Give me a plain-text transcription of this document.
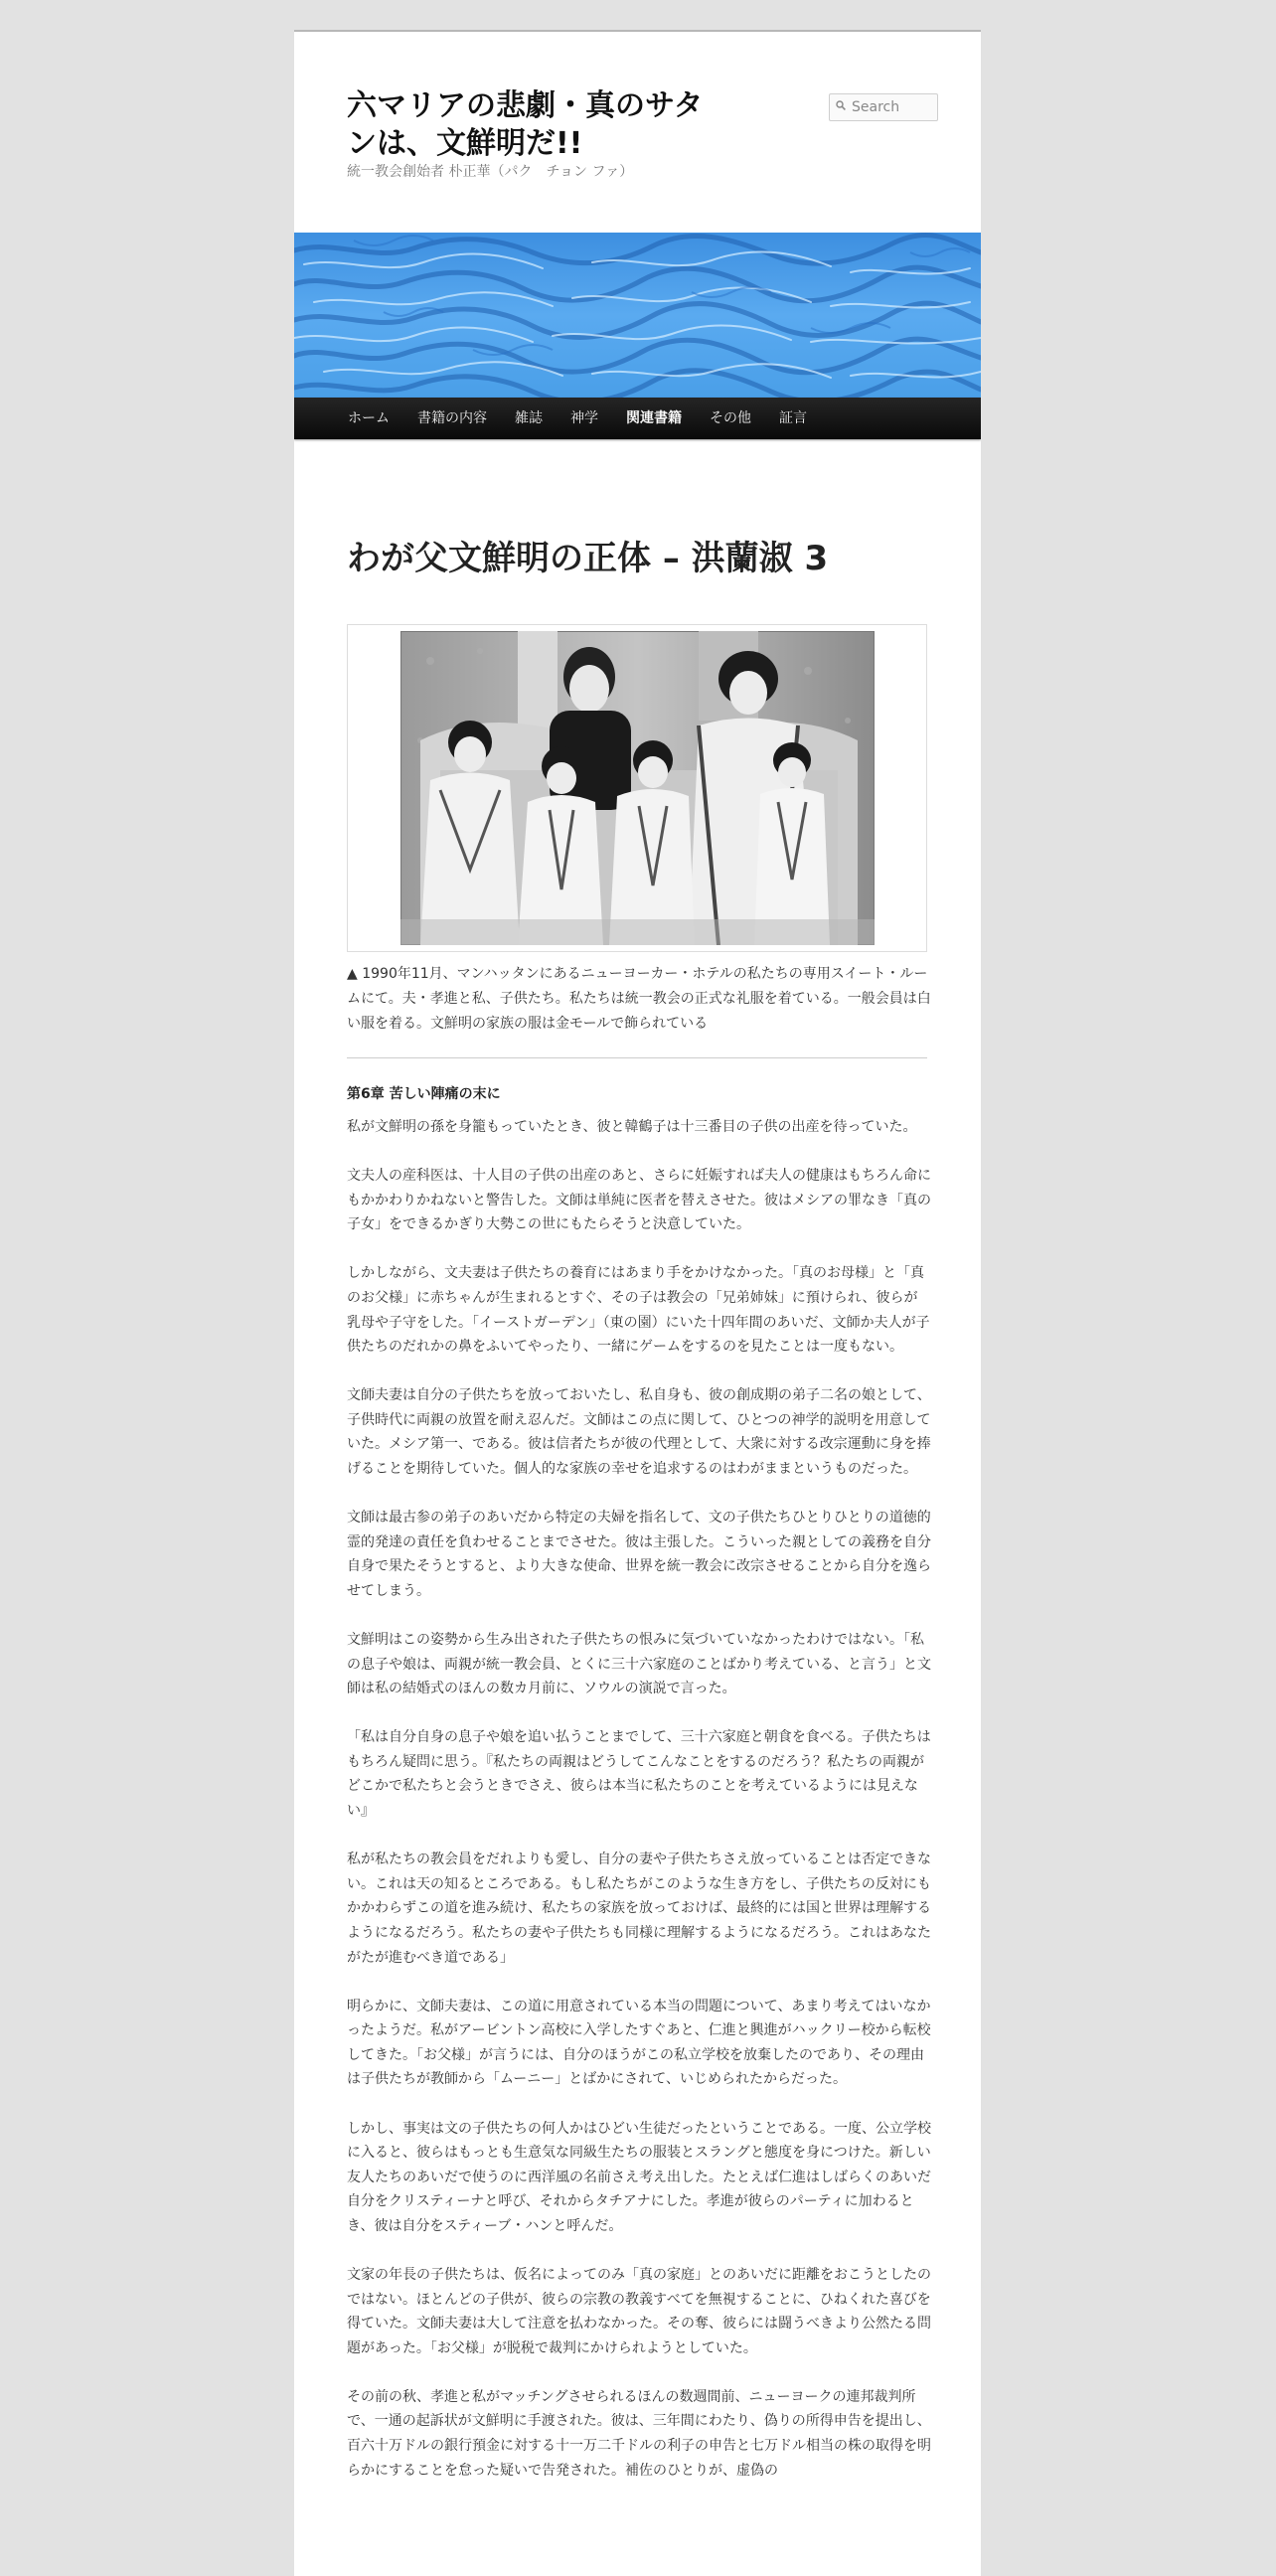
六マリアの悲劇・真のサタンは、文鮮明だ!!

統一教会創始者 朴正華（パク　チョン ファ）

Search
ホーム	書籍の内容	雑誌	神学	関連書籍	その他	証言
わが父文鮮明の正体 – 洪蘭淑 3

▲ 1990年11月、マンハッタンにあるニューヨーカー・ホテルの私たちの専用スイート・ルームにて。夫・孝進と私、子供たち。私たちは統一教会の正式な礼服を着ている。一般会員は白い服を着る。文鮮明の家族の服は金モールで飾られている

第6章 苦しい陣痛の末に

私が文鮮明の孫を身籠もっていたとき、彼と韓鶴子は十三番目の子供の出産を待っていた。

文夫人の産科医は、十人目の子供の出産のあと、さらに妊娠すれば夫人の健康はもちろん命にもかかわりかねないと警告した。文師は単純に医者を替えさせた。彼はメシアの罪なき「真の子女」をできるかぎり大勢この世にもたらそうと決意していた。

しかしながら、文夫妻は子供たちの養育にはあまり手をかけなかった。「真のお母様」と「真のお父様」に赤ちゃんが生まれるとすぐ、その子は教会の「兄弟姉妹」に預けられ、彼らが乳母や子守をした。「イーストガーデン」（東の園）にいた十四年間のあいだ、文師か夫人が子供たちのだれかの鼻をふいてやったり、一緒にゲームをするのを見たことは一度もない。

文師夫妻は自分の子供たちを放っておいたし、私自身も、彼の創成期の弟子二名の娘として、子供時代に両親の放置を耐え忍んだ。文師はこの点に関して、ひとつの神学的説明を用意していた。メシア第一、である。彼は信者たちが彼の代理として、大衆に対する改宗運動に身を捧げることを期待していた。個人的な家族の幸せを追求するのはわがままというものだった。

文師は最古参の弟子のあいだから特定の夫婦を指名して、文の子供たちひとりひとりの道徳的霊的発達の責任を負わせることまでさせた。彼は主張した。こういった親としての義務を自分自身で果たそうとすると、より大きな使命、世界を統一教会に改宗させることから自分を逸らせてしまう。

文鮮明はこの姿勢から生み出された子供たちの恨みに気づいていなかったわけではない。「私の息子や娘は、両親が統一教会員、とくに三十六家庭のことばかり考えている、と言う」と文師は私の結婚式のほんの数カ月前に、ソウルの演説で言った。

「私は自分自身の息子や娘を追い払うことまでして、三十六家庭と朝食を食べる。子供たちはもちろん疑問に思う。『私たちの両親はどうしてこんなことをするのだろう？私たちの両親がどこかで私たちと会うときでさえ、彼らは本当に私たちのことを考えているようには見えない』

私が私たちの教会員をだれよりも愛し、自分の妻や子供たちさえ放っていることは否定できない。これは天の知るところである。もし私たちがこのような生き方をし、子供たちの反対にもかかわらずこの道を進み続け、私たちの家族を放っておけば、最終的には国と世界は理解するようになるだろう。私たちの妻や子供たちも同様に理解するようになるだろう。これはあなたがたが進むべき道である」

明らかに、文師夫妻は、この道に用意されている本当の問題について、あまり考えてはいなかったようだ。私がアービントン高校に入学したすぐあと、仁進と興進がハックリー校から転校してきた。「お父様」が言うには、自分のほうがこの私立学校を放棄したのであり、その理由は子供たちが教師から「ムーニー」とばかにされて、いじめられたからだった。

しかし、事実は文の子供たちの何人かはひどい生徒だったということである。一度、公立学校に入ると、彼らはもっとも生意気な同級生たちの服装とスラングと態度を身につけた。新しい友人たちのあいだで使うのに西洋風の名前さえ考え出した。たとえば仁進はしばらくのあいだ自分をクリスティーナと呼び、それからタチアナにした。孝進が彼らのパーティに加わるとき、彼は自分をスティーブ・ハンと呼んだ。

文家の年長の子供たちは、仮名によってのみ「真の家庭」とのあいだに距離をおこうとしたのではない。ほとんどの子供が、彼らの宗教の教義すべてを無視することに、ひねくれた喜びを得ていた。文師夫妻は大して注意を払わなかった。その奪、彼らには闘うべきより公然たる問題があった。「お父様」が脱税で裁判にかけられようとしていた。

その前の秋、孝進と私がマッチングさせられるほんの数週間前、ニューヨークの連邦裁判所で、一通の起訴状が文鮮明に手渡された。彼は、三年間にわたり、偽りの所得申告を提出し、百六十万ドルの銀行預金に対する十一万二千ドルの利子の申告と七万ドル相当の株の取得を明らかにすることを怠った疑いで告発された。補佐のひとりが、虚偽の
